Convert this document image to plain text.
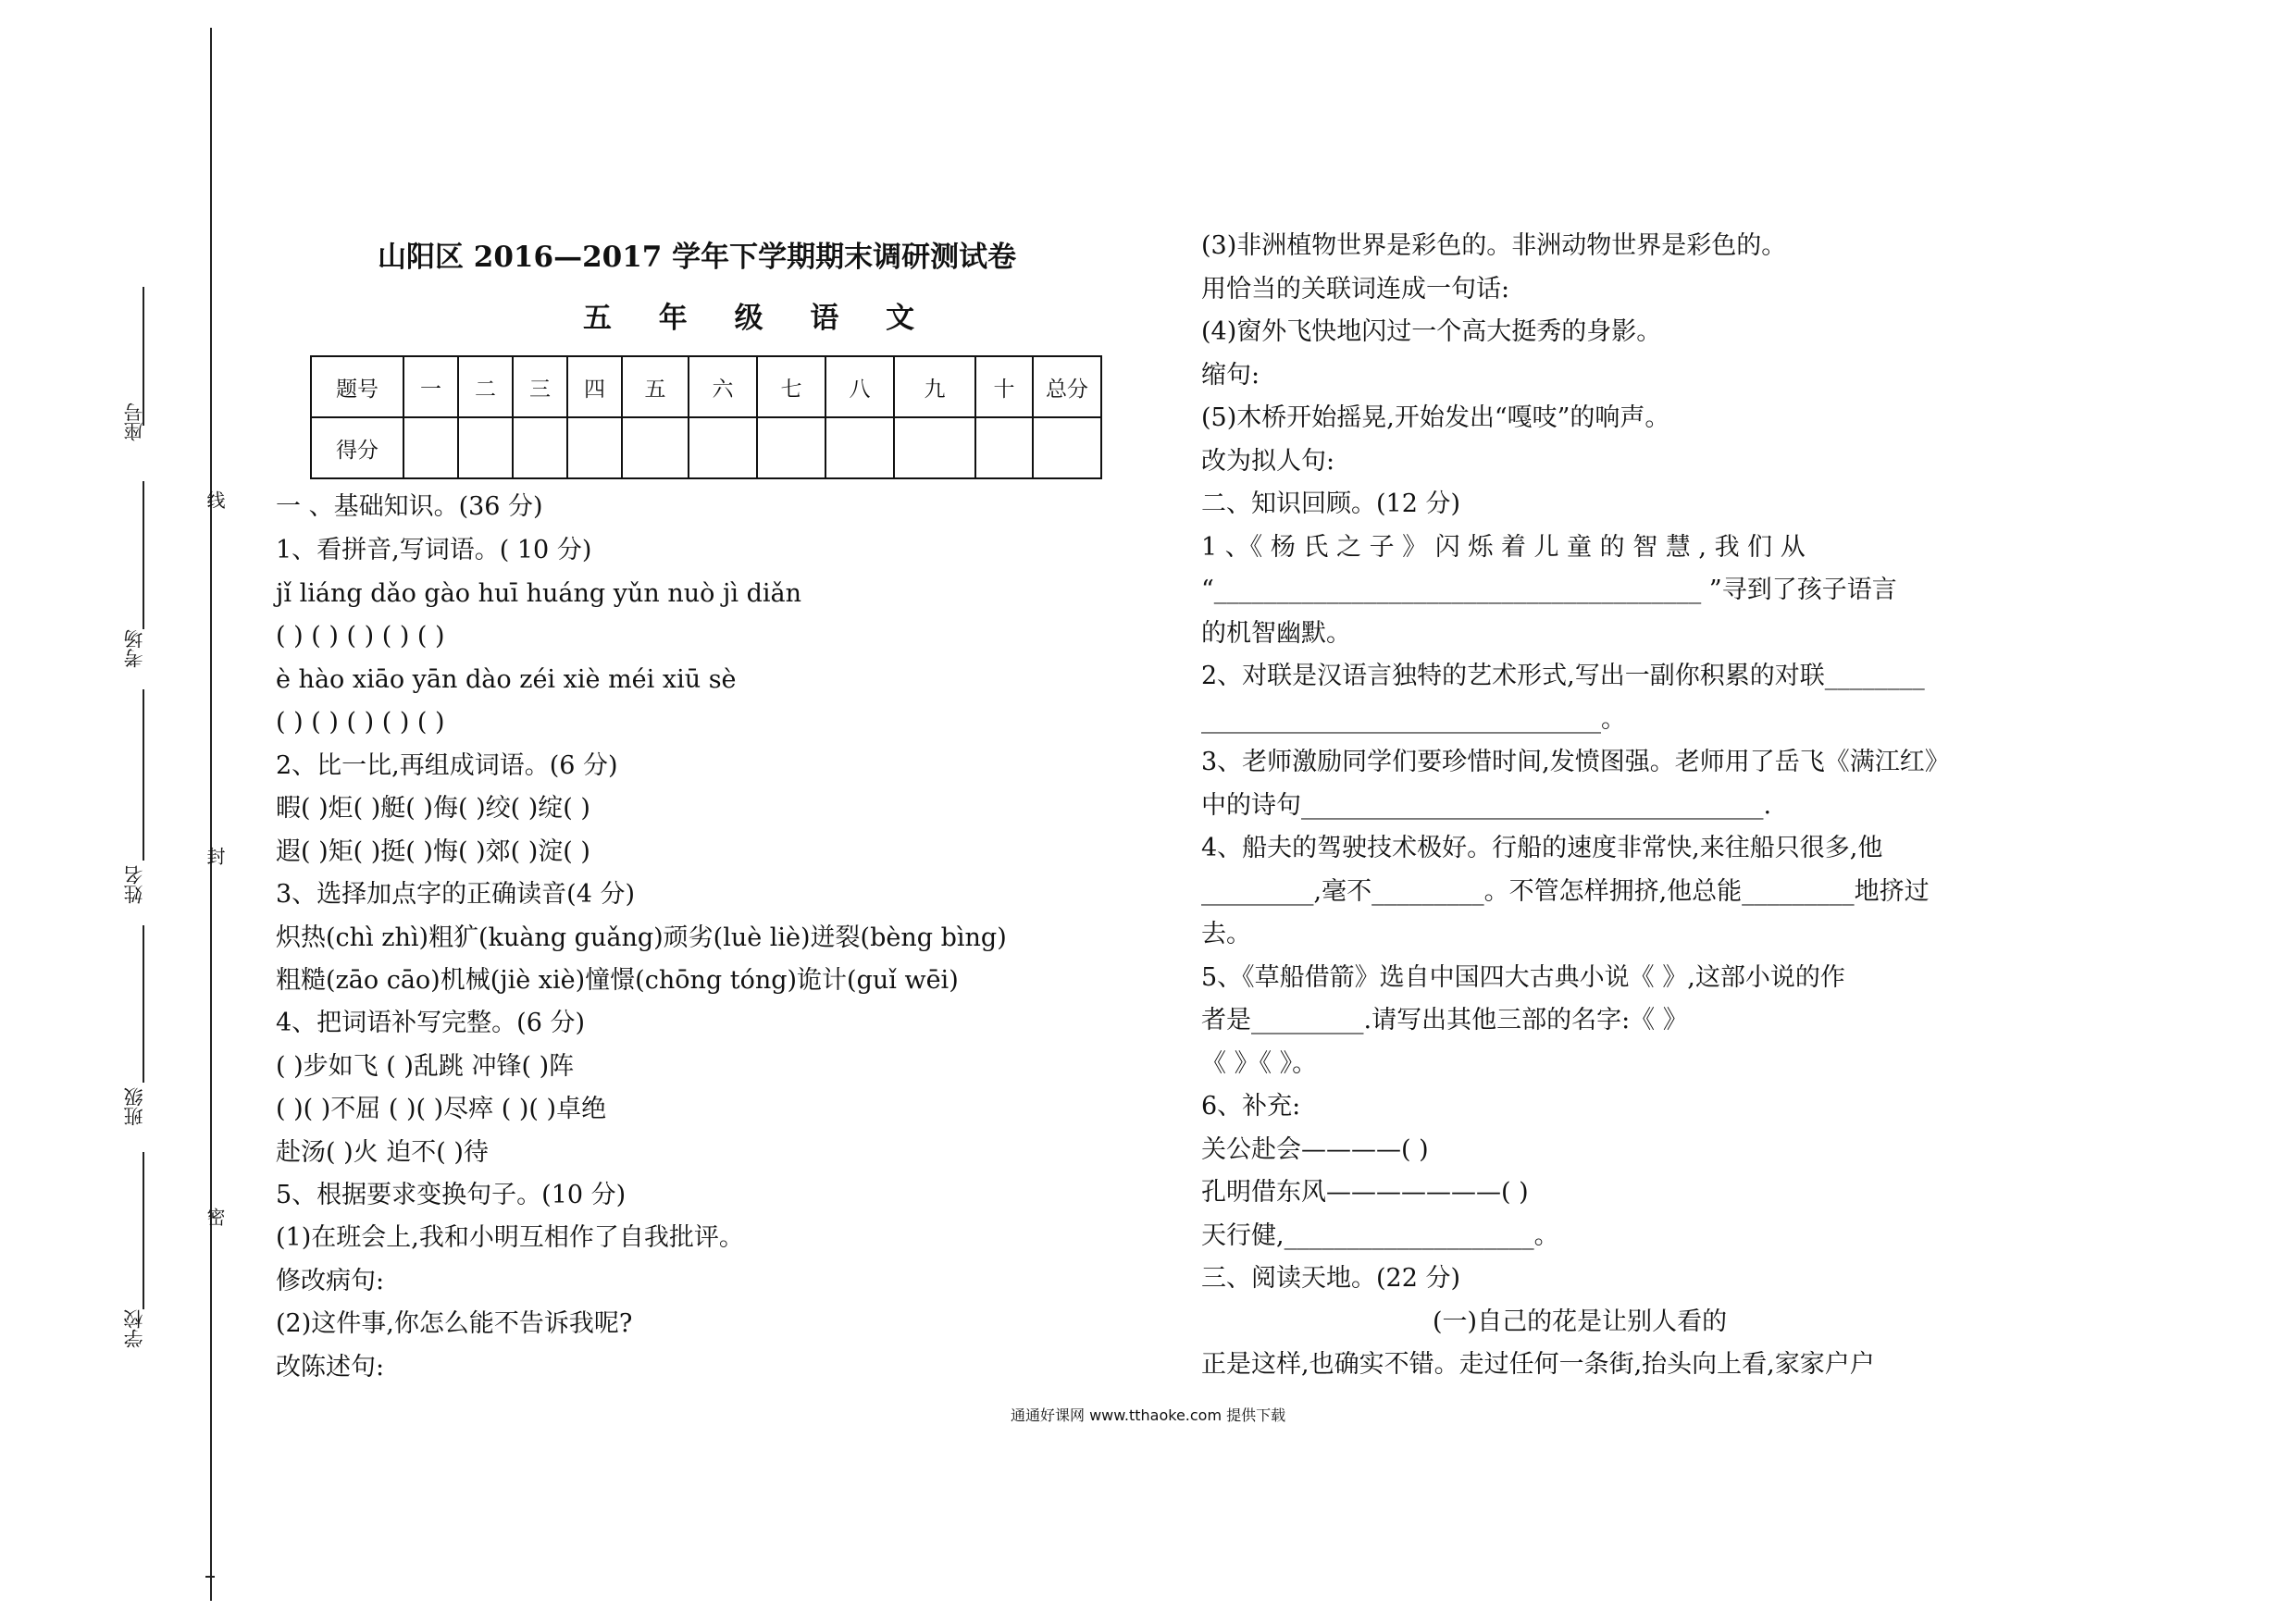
座号
考场
姓名
班级
学校
线
封
密
山阳区 2016—2017 学年下学期期末调研测试卷
五 年 级 语 文
题号	一	二	三	四	五	六	七	八	九	十	总分
得分											
一 、基础知识。(36 分)
1、看拼音,写词语。( 10 分)
jǐ liáng dǎo gào huī huáng yǔn nuò jì diǎn
( ) ( ) ( ) ( ) ( )
è hào xiāo yān dào zéi xiè méi xiū sè
( ) ( ) ( ) ( ) ( )
2、比一比,再组成词语。(6 分)
暇( )炬( )艇( )侮( )绞( )绽( )
遐( )矩( )挺( )悔( )郊( )淀( )
3、选择加点字的正确读音(4 分)
炽热(chì zhì)粗犷(kuàng guǎng)顽劣(luè liè)迸裂(bèng bìng)
粗糙(zāo cāo)机械(jiè xiè)憧憬(chōng tóng)诡计(guǐ wēi)
4、把词语补写完整。(6 分)
( )步如飞 ( )乱跳 冲锋( )阵
( )( )不屈 ( )( )尽瘁 ( )( )卓绝
赴汤( )火 迫不( )待
5、根据要求变换句子。(10 分)
(1)在班会上,我和小明互相作了自我批评。
修改病句:
(2)这件事,你怎么能不告诉我呢?
改陈述句:
(3)非洲植物世界是彩色的。非洲动物世界是彩色的。
用恰当的关联词连成一句话:
(4)窗外飞快地闪过一个高大挺秀的身影。
缩句:
(5)木桥开始摇晃,开始发出“嘎吱”的响声。
改为拟人句:
二、知识回顾。(12 分)
1 、《 杨 氏 之 子 》 闪 烁 着 儿 童 的 智 慧 , 我 们 从
“_______________________________________ ”寻到了孩子语言
的机智幽默。
2、对联是汉语言独特的艺术形式,写出一副你积累的对联________
________________________________。
3、老师激励同学们要珍惜时间,发愤图强。老师用了岳飞《满江红》
中的诗句_____________________________________.
4、船夫的驾驶技术极好。行船的速度非常快,来往船只很多,他
_________,毫不_________。不管怎样拥挤,他总能_________地挤过
去。
5、《草船借箭》选自中国四大古典小说《 》,这部小说的作
者是_________.请写出其他三部的名字:《 》
《 》《 》。
6、补充:
关公赴会————( )
孔明借东风———————( )
天行健,____________________。
三、阅读天地。(22 分)
(一)自己的花是让别人看的
正是这样,也确实不错。走过任何一条街,抬头向上看,家家户户
通通好课网 www.tthaoke.com 提供下载
